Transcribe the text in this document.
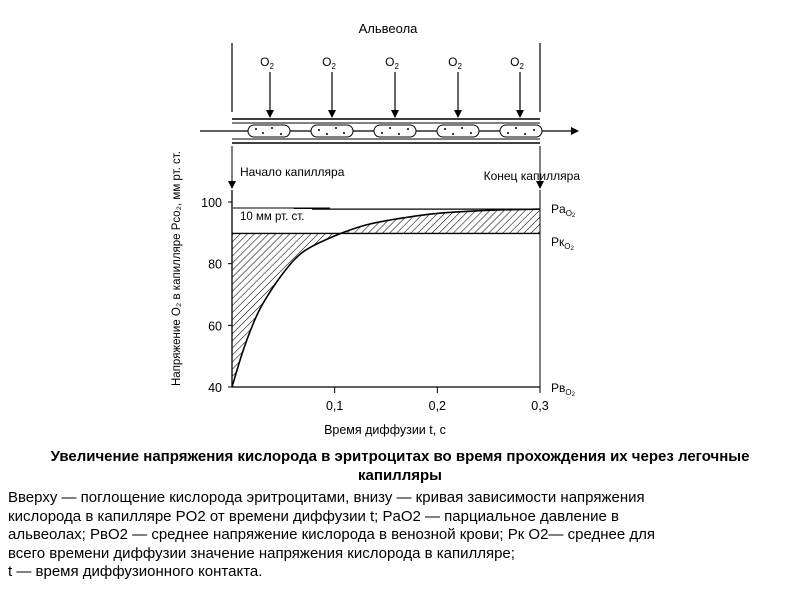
Альвеола
$O_2$	$O_2$	$O_2$	$O_2$	$O_2$
Начало капилляра	Конец капилляра
40
60
80
100
0,1	0,2	0,3
10 мм рт. ст.
$Pa_O2$
$Pк_O2$
$Pв_O2$
Напряжение O₂ в капилляре Pco₂, мм рт. ст.
Время диффузии t, с
Увеличение напряжения кислорода в эритроцитах во время прохождения их через легочные капилляры
Вверху — поглощение кислорода эритроцитами, внизу — кривая зависимости напряжения
кислорода в капилляре PO2 от времени диффузии t; PaO2 — парциальное давление в
альвеолах; PвO2 — среднее напряжение кислорода в венозной крови; Pк O2— среднее для
всего времени диффузии значение напряжения кислорода в капилляре;
t — время диффузионного контакта.
